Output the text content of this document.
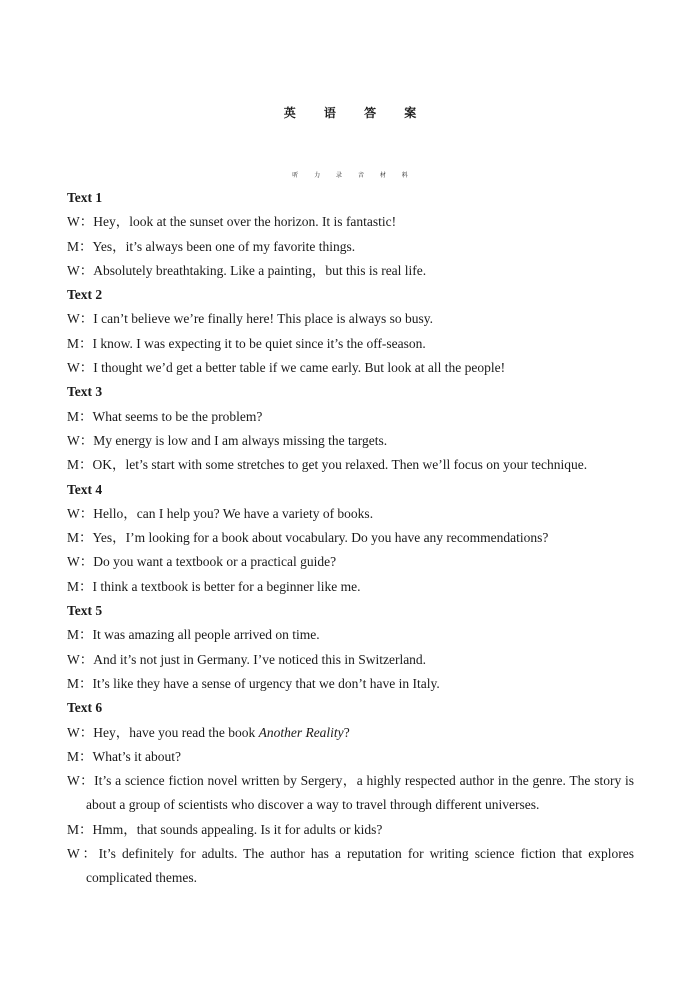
英 语 答 案
听 力 录 音 材 料
Text 1
W：Hey，look at the sunset over the horizon. It is fantastic!
M：Yes，it’s always been one of my favorite things.
W：Absolutely breathtaking. Like a painting，but this is real life.
Text 2
W：I can’t believe we’re finally here! This place is always so busy.
M：I know. I was expecting it to be quiet since it’s the off-season.
W：I thought we’d get a better table if we came early. But look at all the people!
Text 3
M：What seems to be the problem?
W：My energy is low and I am always missing the targets.
M：OK，let’s start with some stretches to get you relaxed. Then we’ll focus on your technique.
Text 4
W：Hello，can I help you? We have a variety of books.
M：Yes，I’m looking for a book about vocabulary. Do you have any recommendations?
W：Do you want a textbook or a practical guide?
M：I think a textbook is better for a beginner like me.
Text 5
M：It was amazing all people arrived on time.
W：And it’s not just in Germany. I’ve noticed this in Switzerland.
M：It’s like they have a sense of urgency that we don’t have in Italy.
Text 6
W：Hey，have you read the book Another Reality?
M：What’s it about?
W：It’s a science fiction novel written by Sergery，a highly respected author in the genre. The story is about a group of scientists who discover a way to travel through different universes.
M：Hmm，that sounds appealing. Is it for adults or kids?
W：It’s definitely for adults. The author has a reputation for writing science fiction that explores complicated themes.
